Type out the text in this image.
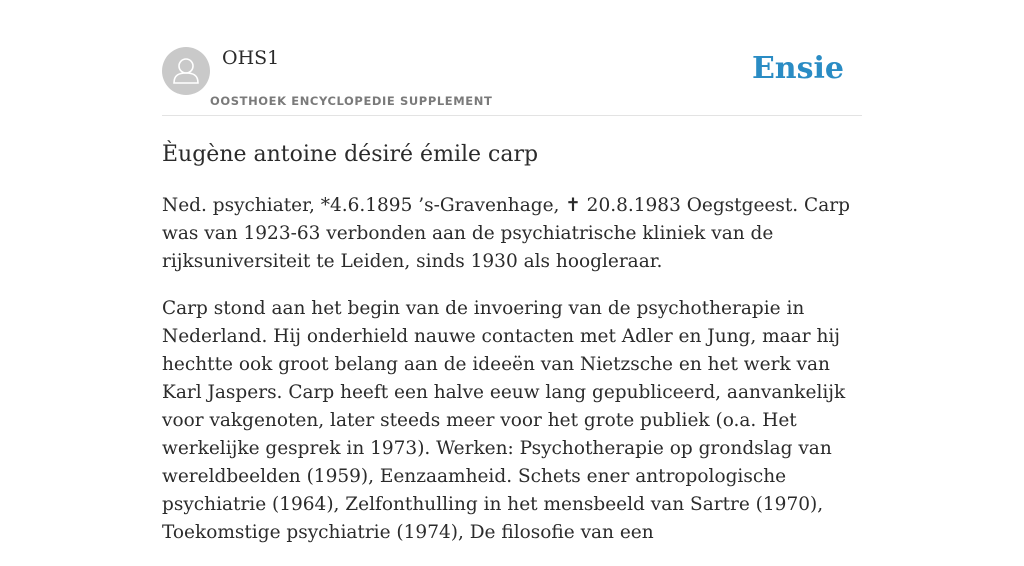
OHS1
OOSTHOEK ENCYCLOPEDIE SUPPLEMENT
Ensie
Èugène antoine désiré émile carp

Ned. psychiater, *4.6.1895 ’s-Gravenhage, ✝ 20.8.1983 Oegstgeest. Carp was van 1923-63 verbonden aan de psychiatrische kliniek van de rijksuniversiteit te Leiden, sinds 1930 als hoogleraar.

Carp stond aan het begin van de invoering van de psychotherapie in Nederland. Hij onderhield nauwe contacten met Adler en Jung, maar hij hechtte ook groot belang aan de ideeën van Nietzsche en het werk van Karl Jaspers. Carp heeft een halve eeuw lang gepubliceerd, aanvankelijk voor vakgenoten, later steeds meer voor het grote publiek (o.a. Het werkelijke gesprek in 1973). Werken: Psychotherapie op grondslag van wereldbeelden (1959), Eenzaamheid. Schets ener antropologische psychiatrie (1964), Zelfonthulling in het mensbeeld van Sartre (1970), Toekomstige psychiatrie (1974), De filosofie van een
